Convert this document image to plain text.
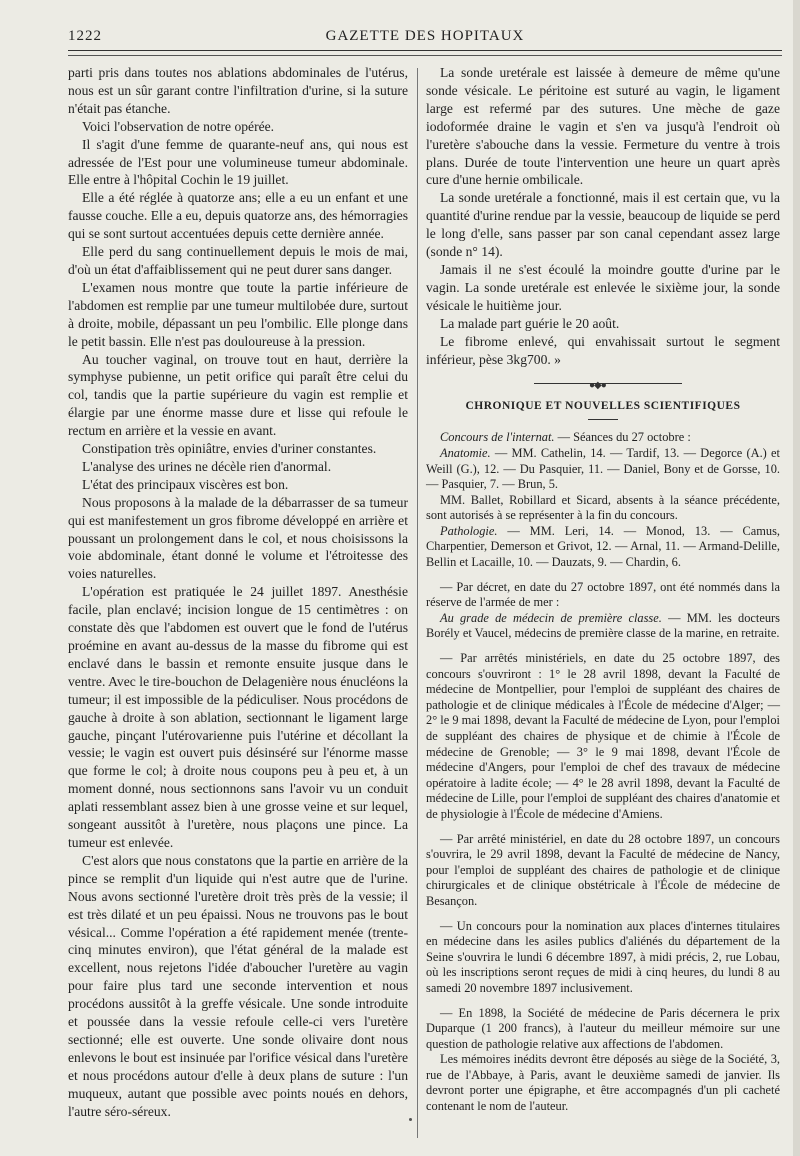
1222	GAZETTE DES HOPITAUX

parti pris dans toutes nos ablations abdominales de l'utérus, nous est un sûr garant contre l'infiltration d'urine, si la suture n'était pas étanche.

Voici l'observation de notre opérée.

Il s'agit d'une femme de quarante-neuf ans, qui nous est adressée de l'Est pour une volumineuse tumeur abdominale. Elle entre à l'hôpital Cochin le 19 juillet.

Elle a été réglée à quatorze ans; elle a eu un enfant et une fausse couche. Elle a eu, depuis quatorze ans, des hémorragies qui se sont surtout accentuées depuis cette dernière année.

Elle perd du sang continuellement depuis le mois de mai, d'où un état d'affaiblissement qui ne peut durer sans danger.

L'examen nous montre que toute la partie inférieure de l'abdomen est remplie par une tumeur multilobée dure, surtout à droite, mobile, dépassant un peu l'ombilic. Elle plonge dans le petit bassin. Elle n'est pas douloureuse à la pression.

Au toucher vaginal, on trouve tout en haut, derrière la symphyse pubienne, un petit orifice qui paraît être celui du col, tandis que la partie supérieure du vagin est remplie et élargie par une énorme masse dure et lisse qui refoule le rectum en arrière et la vessie en avant.

Constipation très opiniâtre, envies d'uriner constantes.

L'analyse des urines ne décèle rien d'anormal.

L'état des principaux viscères est bon.

Nous proposons à la malade de la débarrasser de sa tumeur qui est manifestement un gros fibrome développé en arrière et poussant un prolongement dans le col, et nous choisissons la voie abdominale, étant donné le volume et l'étroitesse des voies naturelles.

L'opération est pratiquée le 24 juillet 1897. Anesthésie facile, plan enclavé; incision longue de 15 centimètres : on constate dès que l'abdomen est ouvert que le fond de l'utérus proémine en avant au-dessus de la masse du fibrome qui est enclavé dans le bassin et remonte ensuite jusque dans le ventre. Avec le tire-bouchon de Delagenière nous énucléons la tumeur; il est impossible de la pédiculiser. Nous procédons de gauche à droite à son ablation, sectionnant le ligament large gauche, pinçant l'utérovarienne puis l'utérine et décollant la vessie; le vagin est ouvert puis désinséré sur l'énorme masse que forme le col; à droite nous coupons peu à peu et, à un moment donné, nous sectionnons sans l'avoir vu un conduit aplati ressemblant assez bien à une grosse veine et sur lequel, songeant aussitôt à l'uretère, nous plaçons une pince. La tumeur est enlevée.

C'est alors que nous constatons que la partie en arrière de la pince se remplit d'un liquide qui n'est autre que de l'urine. Nous avons sectionné l'uretère droit très près de la vessie; il est très dilaté et un peu épaissi. Nous ne trouvons pas le bout vésical... Comme l'opération a été rapidement menée (trente-cinq minutes environ), que l'état général de la malade est excellent, nous rejetons l'idée d'aboucher l'uretère au vagin pour faire plus tard une seconde intervention et nous procédons aussitôt à la greffe vésicale. Une sonde introduite et poussée dans la vessie refoule celle-ci vers l'uretère sectionné; elle est ouverte. Une sonde olivaire dont nous enlevons le bout est insinuée par l'orifice vésical dans l'uretère et nous procédons autour d'elle à deux plans de suture : l'un muqueux, autant que possible avec points noués en dehors, l'autre séro-séreux.

La sonde uretérale est laissée à demeure de même qu'une sonde vésicale. Le péritoine est suturé au vagin, le ligament large est refermé par des sutures. Une mèche de gaze iodoformée draine le vagin et s'en va jusqu'à l'endroit où l'uretère s'abouche dans la vessie. Fermeture du ventre à trois plans. Durée de toute l'intervention une heure un quart après cure d'une hernie ombilicale.

La sonde uretérale a fonctionné, mais il est certain que, vu la quantité d'urine rendue par la vessie, beaucoup de liquide se perd le long d'elle, sans passer par son canal cependant assez large (sonde n° 14).

Jamais il ne s'est écoulé la moindre goutte d'urine par le vagin. La sonde uretérale est enlevée le sixième jour, la sonde vésicale le huitième jour.

La malade part guérie le 20 août.

Le fibrome enlevé, qui envahissait surtout le segment inférieur, pèse 3kg700. »

●◆●
CHRONIQUE ET NOUVELLES SCIENTIFIQUES

Concours de l'internat. — Séances du 27 octobre :

Anatomie. — MM. Cathelin, 14. — Tardif, 13. — Degorce (A.) et Weill (G.), 12. — Du Pasquier, 11. — Daniel, Bony et de Gorsse, 10. — Pasquier, 7. — Brun, 5.

MM. Ballet, Robillard et Sicard, absents à la séance précédente, sont autorisés à se représenter à la fin du concours.

Pathologie. — MM. Leri, 14. — Monod, 13. — Camus, Charpentier, Demerson et Grivot, 12. — Arnal, 11. — Armand-Delille, Bellin et Lacaille, 10. — Dauzats, 9. — Chardin, 6.

— Par décret, en date du 27 octobre 1897, ont été nommés dans la réserve de l'armée de mer :

Au grade de médecin de première classe. — MM. les docteurs Borély et Vaucel, médecins de première classe de la marine, en retraite.

— Par arrêtés ministériels, en date du 25 octobre 1897, des concours s'ouvriront : 1° le 28 avril 1898, devant la Faculté de médecine de Montpellier, pour l'emploi de suppléant des chaires de pathologie et de clinique médicales à l'École de médecine d'Alger; — 2° le 9 mai 1898, devant la Faculté de médecine de Lyon, pour l'emploi de suppléant des chaires de physique et de chimie à l'École de médecine de Grenoble; — 3° le 9 mai 1898, devant l'École de médecine d'Angers, pour l'emploi de chef des travaux de médecine opératoire à ladite école; — 4° le 28 avril 1898, devant la Faculté de médecine de Lille, pour l'emploi de suppléant des chaires d'anatomie et de physiologie à l'École de médecine d'Amiens.

— Par arrêté ministériel, en date du 28 octobre 1897, un concours s'ouvrira, le 29 avril 1898, devant la Faculté de médecine de Nancy, pour l'emploi de suppléant des chaires de pathologie et de clinique chirurgicales et de clinique obstétricale à l'École de médecine de Besançon.

— Un concours pour la nomination aux places d'internes titulaires en médecine dans les asiles publics d'aliénés du département de la Seine s'ouvrira le lundi 6 décembre 1897, à midi précis, 2, rue Lobau, où les inscriptions seront reçues de midi à cinq heures, du lundi 8 au samedi 20 novembre 1897 inclusivement.

— En 1898, la Société de médecine de Paris décernera le prix Duparque (1 200 francs), à l'auteur du meilleur mémoire sur une question de pathologie relative aux affections de l'abdomen.

Les mémoires inédits devront être déposés au siège de la Société, 3, rue de l'Abbaye, à Paris, avant le deuxième samedi de janvier. Ils devront porter une épigraphe, et être accompagnés d'un pli cacheté contenant le nom de l'auteur.
